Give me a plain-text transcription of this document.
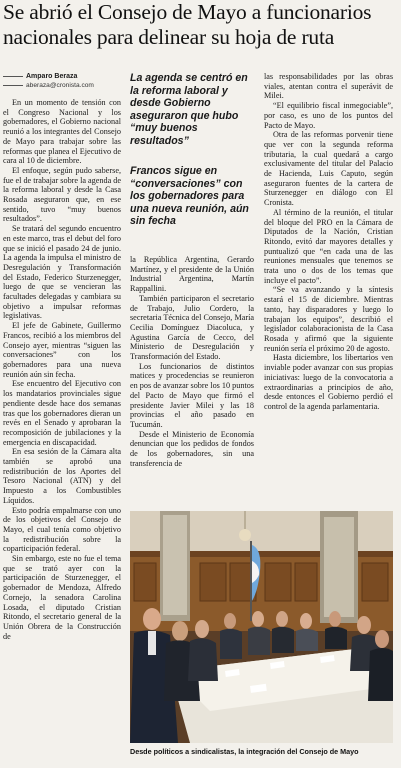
Se abrió el Consejo de Mayo a funcionarios nacionales para delinear su hoja de ruta
Amparo Beraza
aberaza@cronista.com

En un momento de tensión con el Congreso Nacional y los gobernadores, el Gobierno nacional reunió a los integrantes del Consejo de Mayo para trabajar sobre las reformas que planea el Ejecutivo de cara al 10 de diciembre.

El enfoque, según pudo saberse, fue el de trabajar sobre la agenda de la reforma laboral y desde la Casa Rosada aseguraron que, en ese sentido, tuvo “muy buenos resultados”.

Se tratará del segundo encuentro en este marco, tras el debut del foro que se inició el pasado 24 de junio. La agenda la impulsa el ministro de Desregulación y Transformación del Estado, Federico Sturzenegger, luego de que se vencieran las facultades delegadas y cambiara su objetivo a impulsar reformas legislativas.

El jefe de Gabinete, Guillermo Francos, recibió a los miembros del Consejo ayer, mientras “siguen las conversaciones” con los gobernadores para una nueva reunión aún sin fecha.

Ese encuentro del Ejecutivo con los mandatarios provinciales sigue pendiente desde hace dos semanas tras que los gobernadores dieran un revés en el Senado y aprobaran la recomposición de jubilaciones y la emergencia en discapacidad.

En esa sesión de la Cámara alta también se aprobó una redistribución de los Aportes del Tesoro Nacional (ATN) y del Impuesto a los Combustibles Líquidos.

Esto podría empalmarse con uno de los objetivos del Consejo de Mayo, el cual tenía como objetivo la redistribución sobre la coparticipación federal.

Sin embargo, este no fue el tema que se trató ayer con la participación de Sturzenegger, el gobernador de Mendoza, Alfredo Cornejo, la senadora Carolina Losada, el diputado Cristian Ritondo, el secretario general de la Unión Obrera de la Construcción de

La agenda se centró en la reforma laboral y desde Gobierno aseguraron que hubo “muy buenos resultados”

Francos sigue en “conversaciones” con los gobernadores para una nueva reunión, aún sin fecha

la República Argentina, Gerardo Martínez, y el presidente de la Unión Industrial Argentina, Martín Rappallini.

También participaron el secretario de Trabajo, Julio Cordero, la secretaria Técnica del Consejo, María Cecilia Domínguez Diacoluca, y Agustina García de Cecco, del Ministerio de Desregulación y Transformación del Estado.

Los funcionarios de distintos matices y procedencias se reunieron en pos de avanzar sobre los 10 puntos del Pacto de Mayo que firmó el presidente Javier Milei y las 18 provincias el año pasado en Tucumán.

Desde el Ministerio de Economía denuncian que los pedidos de fondos de los gobernadores, sin una transferencia de

las responsabilidades por las obras viales, atentan contra el superávit de Milei.

“El equilibrio fiscal inmegociable”, por caso, es uno de los puntos del Pacto de Mayo.

Otra de las reformas porvenir tiene que ver con la segunda reforma tributaria, la cual quedará a cargo exclusivamente del titular del Palacio de Hacienda, Luis Caputo, según aseguraron fuentes de la cartera de Sturzenegger en diálogo con El Cronista.

Al término de la reunión, el titular del bloque del PRO en la Cámara de Diputados de la Nación, Cristian Ritondo, evitó dar mayores detalles y puntualizó que “en cada una de las reuniones mensuales que tenemos se trata uno o dos de los temas que incluye el pacto”.

“Se va avanzando y la síntesis estará el 15 de diciembre. Mientras tanto, hay disparadores y luego lo trabajan los equipos”, describió el legislador colaboracionista de la Casa Rosada y afirmó que la siguiente reunión sería el próximo 20 de agosto.

Hasta diciembre, los libertarios ven inviable poder avanzar con sus propias iniciativas: luego de la convocatoria a extraordinarias a principios de año, desde entonces el Gobierno perdió el control de la agenda parlamentaria.

Desde políticos a sindicalistas, la integración del Consejo de Mayo
